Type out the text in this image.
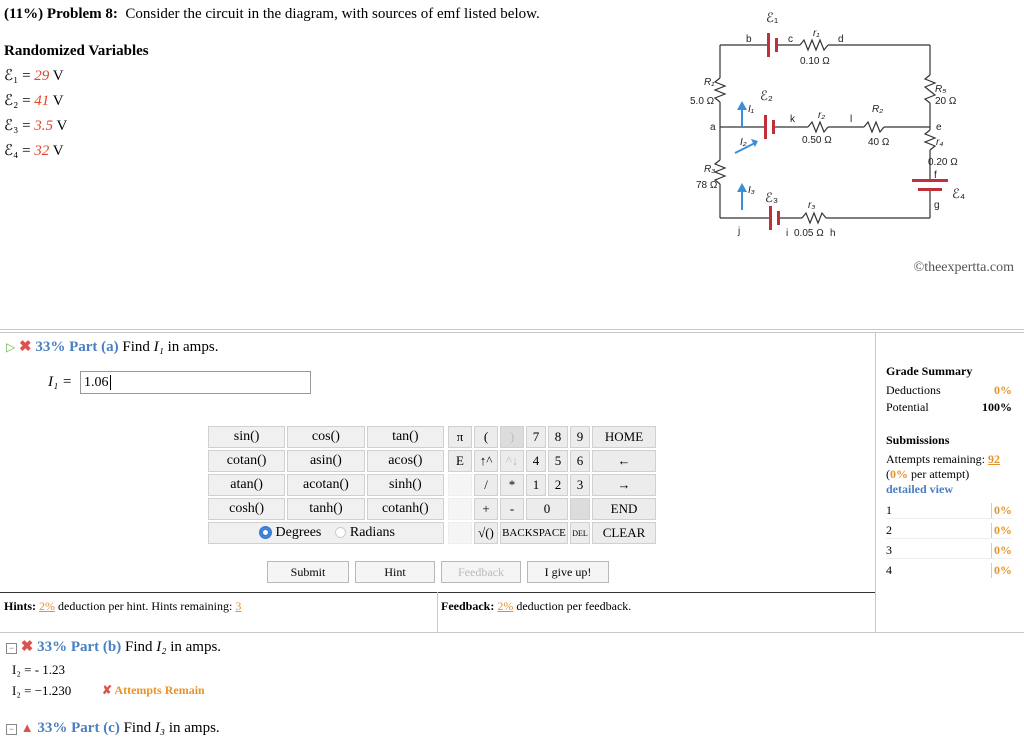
(11%) Problem 8: Consider the circuit in the diagram, with sources of emf listed below.
Randomized Variables
ℰ₁ = 29 V
ℰ₂ = 41 V
ℰ₃ = 3.5 V
ℰ₄ = 32 V
ℰ₁
b	c
r₁
d
0.10 Ω
R₁
5.0 Ω	ℰ₂
I₁
a
k r₂ l
R₂
I₂	0.50 Ω	40 Ω
R₅
20 Ω
e
r₄
0.20 Ω
f
ℰ₄
g
R₃
78 Ω	I₃ ℰ₃
r₃
j	i 0.05 Ω h
©theexpertta.com
▷ ✖ 33% Part (a) Find I₁ in amps.
I₁ = 1.06
sin()	cos()	tan()
cotan()	asin()	acos()
atan()	acotan()	sinh()
cosh()	tanh()	cotanh()
Degrees Radians		
π	(	)	7	8	9	HOME
E	↑^	^↓	4	5	6	←
	/	*	1	2	3	→
	+	-	0			END
	√()	BACKSPACE			DEL	CLEAR
Submit	Hint	Feedback	I give up!
Hints: 2% deduction per hint. Hints remaining: 3	Feedback: 2% deduction per feedback.
Grade Summary
Deductions	0%
Potential	100%
Submissions
Attempts remaining: 92
(0% per attempt)
detailed view
1	0%
2	0%
3	0%
4	0%
− ✖ 33% Part (b) Find I₂ in amps.
I₂ = - 1.23
I₂ = −1.230	✘ Attempts Remain
− ▲ 33% Part (c) Find I₃ in amps.
